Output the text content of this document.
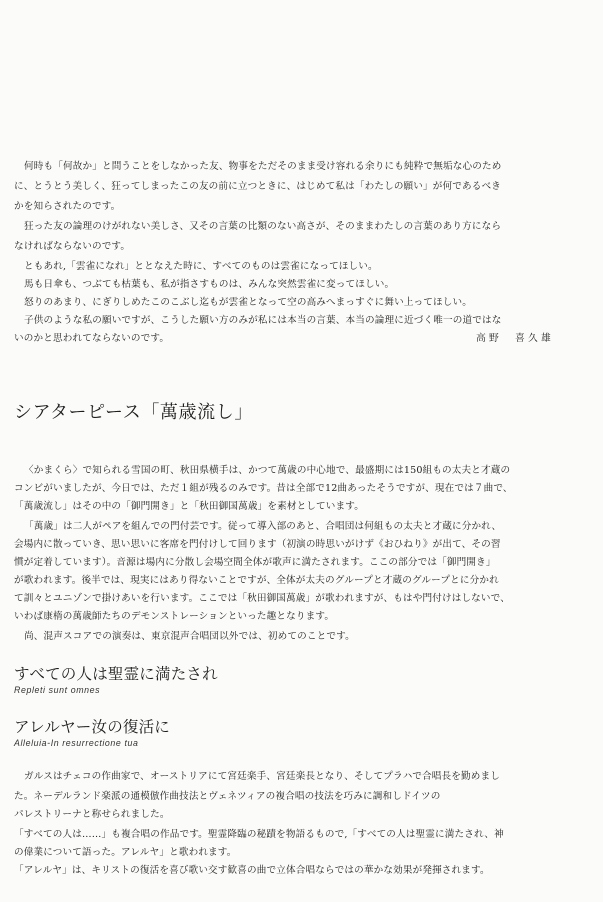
何時も「何故か」と問うことをしなかった友、物事をただそのまま受け容れる余りにも純粋で無垢な心のため
に、とうとう美しく、狂ってしまったこの友の前に立つときに、はじめて私は「わたしの願い」が何であるべき
かを知らされたのです。
狂った友の論理のけがれない美しさ、又その言葉の比類のない高さが、そのままわたしの言葉のあり方になら
なければならないのです。
ともあれ,「雲雀になれ」ととなえた時に、すべてのものは雲雀になってほしい。
馬も日傘も、つぶても枯葉も、私が指さすものは、みんな突然雲雀に変ってほしい。
怒りのあまり、にぎりしめたこのこぶし迄もが雲雀となって空の高みへまっすぐに舞い上ってほしい。
子供のような私の願いですが、こうした願い方のみが私には本当の言葉、本当の論理に近づく唯一の道ではな
いのかと思われてならないのです。	高野　喜久雄
シアターピース「萬歳流し」
〈かまくら〉で知られる雪国の町、秋田県横手は、かつて萬歳の中心地で、最盛期には150組もの太夫と才蔵の
コンビがいましたが、今日では、ただ１組が残るのみです。昔は全部で12曲あったそうですが、現在では７曲で、
「萬歳流し」はその中の「御門開き」と「秋田御国萬歳」を素材としています。
「萬歳」は二人がペアを組んでの門付芸です。従って導入部のあと、合唱団は何組もの太夫と才蔵に分かれ、
会場内に散っていき、思い思いに客席を門付けして回ります（初演の時思いがけず《おひねり》が出て、その習
慣が定着しています）。音源は場内に分散し会場空間全体が歌声に満たされます。ここの部分では「御門開き」
が歌われます。後半では、現実にはあり得ないことですが、全体が太夫のグループと才蔵のグループとに分かれ
て訓々とユニゾンで掛けあいを行います。ここでは「秋田御国萬歳」が歌われますが、もはや門付けはしないで、
いわば康楕の萬歳師たちのデモンストレーションといった趣となります。
尚、混声スコアでの演奏は、東京混声合唱団以外では、初めてのことです。
すべての人は聖霊に満たされ
Repleti sunt omnes
アレルヤー汝の復活に
Alleluia-In resurrectione tua
ガルスはチェコの作曲家で、オーストリアにて宮廷楽手、宮廷楽長となり、そしてプラハで合唱長を勤めまし
た。ネーデルランド楽派の通模倣作曲技法とヴェネツィアの複合唱の技法を巧みに調和しドイツの
パレストリーナと称せられました。
「すべての人は……」も複合唱の作品です。聖霊降臨の秘蹟を物語るもので,「すべての人は聖霊に満たされ、神
の偉業について語った。アレルヤ」と歌われます。
「アレルヤ」は、キリストの復活を喜び歌い交す歓喜の曲で立体合唱ならではの華かな効果が発揮されます。
